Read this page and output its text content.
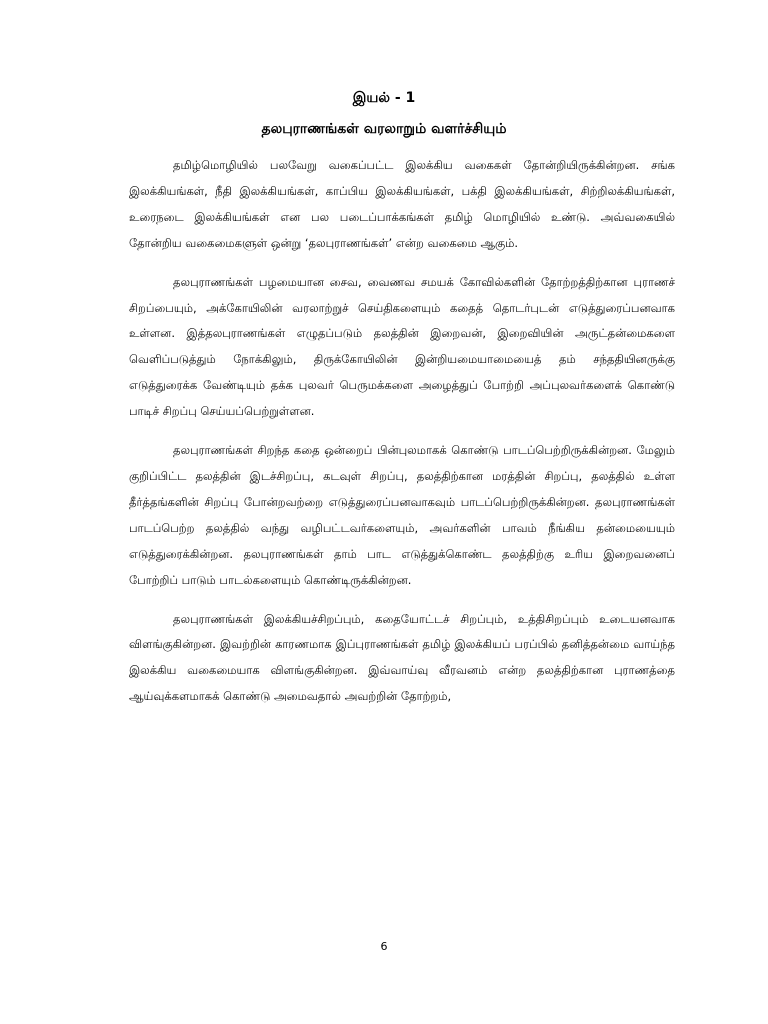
இயல் - 1
தலபுராணங்கள் வரலாறும் வளர்ச்சியும்

தமிழ்மொழியில் பலவேறு வகைப்பட்ட இலக்கிய வகைகள் தோன்றியிருக்கின்றன. சங்க இலக்கியங்கள், நீதி இலக்கியங்கள், காப்பிய இலக்கியங்கள், பக்தி இலக்கியங்கள், சிற்றிலக்கியங்கள், உரைநடை இலக்கியங்கள் என பல படைப்பாக்கங்கள் தமிழ் மொழியில் உண்டு. அவ்வகையில் தோன்றிய வகைமைகளுள் ஒன்று ‘தலபுராணங்கள்’ என்ற வகைமை ஆகும்.

தலபுராணங்கள் பழமையான சைவ, வைணவ சமயக் கோவில்களின் தோற்றத்திற்கான புராணச் சிறப்பையும், அக்கோயிலின் வரலாற்றுச் செய்திகளையும் கதைத் தொடர்புடன் எடுத்துரைப்பனவாக உள்ளன. இத்தலபுராணங்கள் எழுதப்படும் தலத்தின் இறைவன், இறைவியின் அருட்தன்மைகளை வெளிப்படுத்தும் நோக்கிலும், திருக்கோயிலின் இன்றியமையாமையைத் தம் சந்ததியினருக்கு எடுத்துரைக்க வேண்டியும் தக்க புலவர் பெருமக்களை அழைத்துப் போற்றி அப்புலவர்களைக் கொண்டு பாடிச் சிறப்பு செய்யப்பெற்றுள்ளன.

தலபுராணங்கள் சிறந்த கதை ஒன்றைப் பின்புலமாகக் கொண்டு பாடப்பெற்றிருக்கின்றன. மேலும் குறிப்பிட்ட தலத்தின் இடச்சிறப்பு, கடவுள் சிறப்பு, தலத்திற்கான மரத்தின் சிறப்பு, தலத்தில் உள்ள தீர்த்தங்களின் சிறப்பு போன்றவற்றை எடுத்துரைப்பனவாகவும் பாடப்பெற்றிருக்கின்றன. தலபுராணங்கள் பாடப்பெற்ற தலத்தில் வந்து வழிபட்டவர்களையும், அவர்களின் பாவம் நீங்கிய தன்மையையும் எடுத்துரைக்கின்றன. தலபுராணங்கள் தாம் பாட எடுத்துக்கொண்ட தலத்திற்கு உரிய இறைவனைப் போற்றிப் பாடும் பாடல்களையும் கொண்டிருக்கின்றன.

தலபுராணங்கள் இலக்கியச்சிறப்பும், கதையோட்டச் சிறப்பும், உத்திசிறப்பும் உடையனவாக விளங்குகின்றன. இவற்றின் காரணமாக இப்புராணங்கள் தமிழ் இலக்கியப் பரப்பில் தனித்தன்மை வாய்ந்த இலக்கிய வகைமையாக விளங்குகின்றன. இவ்வாய்வு வீரவனம் என்ற தலத்திற்கான புராணத்தை ஆய்வுக்களமாகக் கொண்டு அமைவதால் அவற்றின் தோற்றம்,

6
